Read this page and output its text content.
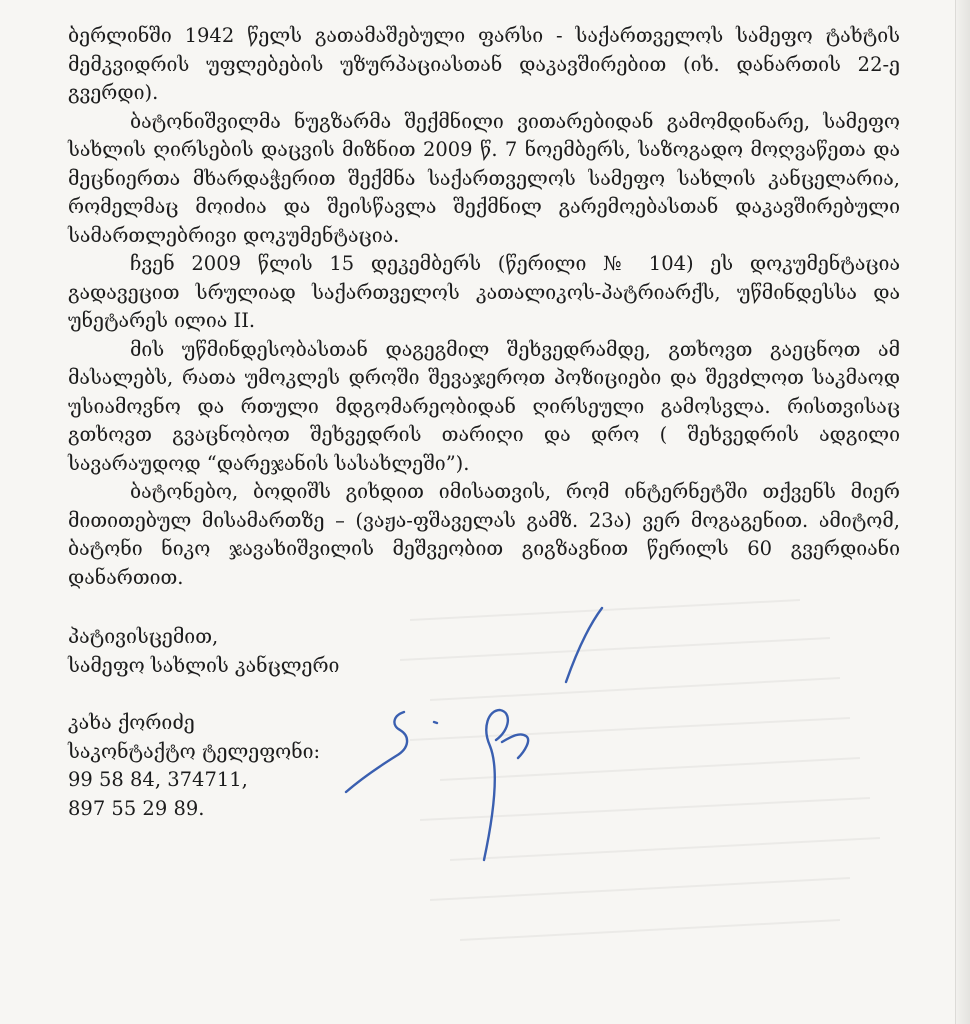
ბერლინში 1942 წელს გათამაშებული ფარსი - საქართველოს სამეფო ტახტის მემკვიდრის უფლებების უზურპაციასთან დაკავშირებით (იხ. დანართის 22-ე გვერდი).

ბატონიშვილმა ნუგზარმა შექმნილი ვითარებიდან გამომდინარე, სამეფო სახლის ღირსების დაცვის მიზნით 2009 წ. 7 ნოემბერს, საზოგადო მოღვაწეთა და მეცნიერთა მხარდაჭერით შექმნა საქართველოს სამეფო სახლის კანცელარია, რომელმაც მოიძია და შეისწავლა შექმნილ გარემოებასთან დაკავშირებული სამართლებრივი დოკუმენტაცია.

ჩვენ 2009 წლის 15 დეკემბერს (წერილი № 104) ეს დოკუმენტაცია გადავეცით სრულიად საქართველოს კათალიკოს-პატრიარქს, უწმინდესსა და უნეტარეს ილია II.

მის უწმინდესობასთან დაგეგმილ შეხვედრამდე, გთხოვთ გაეცნოთ ამ მასალებს, რათა უმოკლეს დროში შევაჯეროთ პოზიციები და შევძლოთ საკმაოდ უსიამოვნო და რთული მდგომარეობიდან ღირსეული გამოსვლა. რისთვისაც გთხოვთ გვაცნობოთ შეხვედრის თარიღი და დრო ( შეხვედრის ადგილი სავარაუდოდ “დარეჯანის სასახლეში”).

ბატონებო, ბოდიშს გიხდით იმისათვის, რომ ინტერნეტში თქვენს მიერ მითითებულ მისამართზე – (ვაჟა-ფშაველას გამზ. 23ა) ვერ მოგაგენით. ამიტომ, ბატონი ნიკო ჯავახიშვილის მეშვეობით გიგზავნით წერილს 60 გვერდიანი დანართით.

პატივისცემით,
სამეფო სახლის კანცლერი
კახა ქორიძე
საკონტაქტო ტელეფონი:
99 58 84, 374711,
897 55 29 89.
